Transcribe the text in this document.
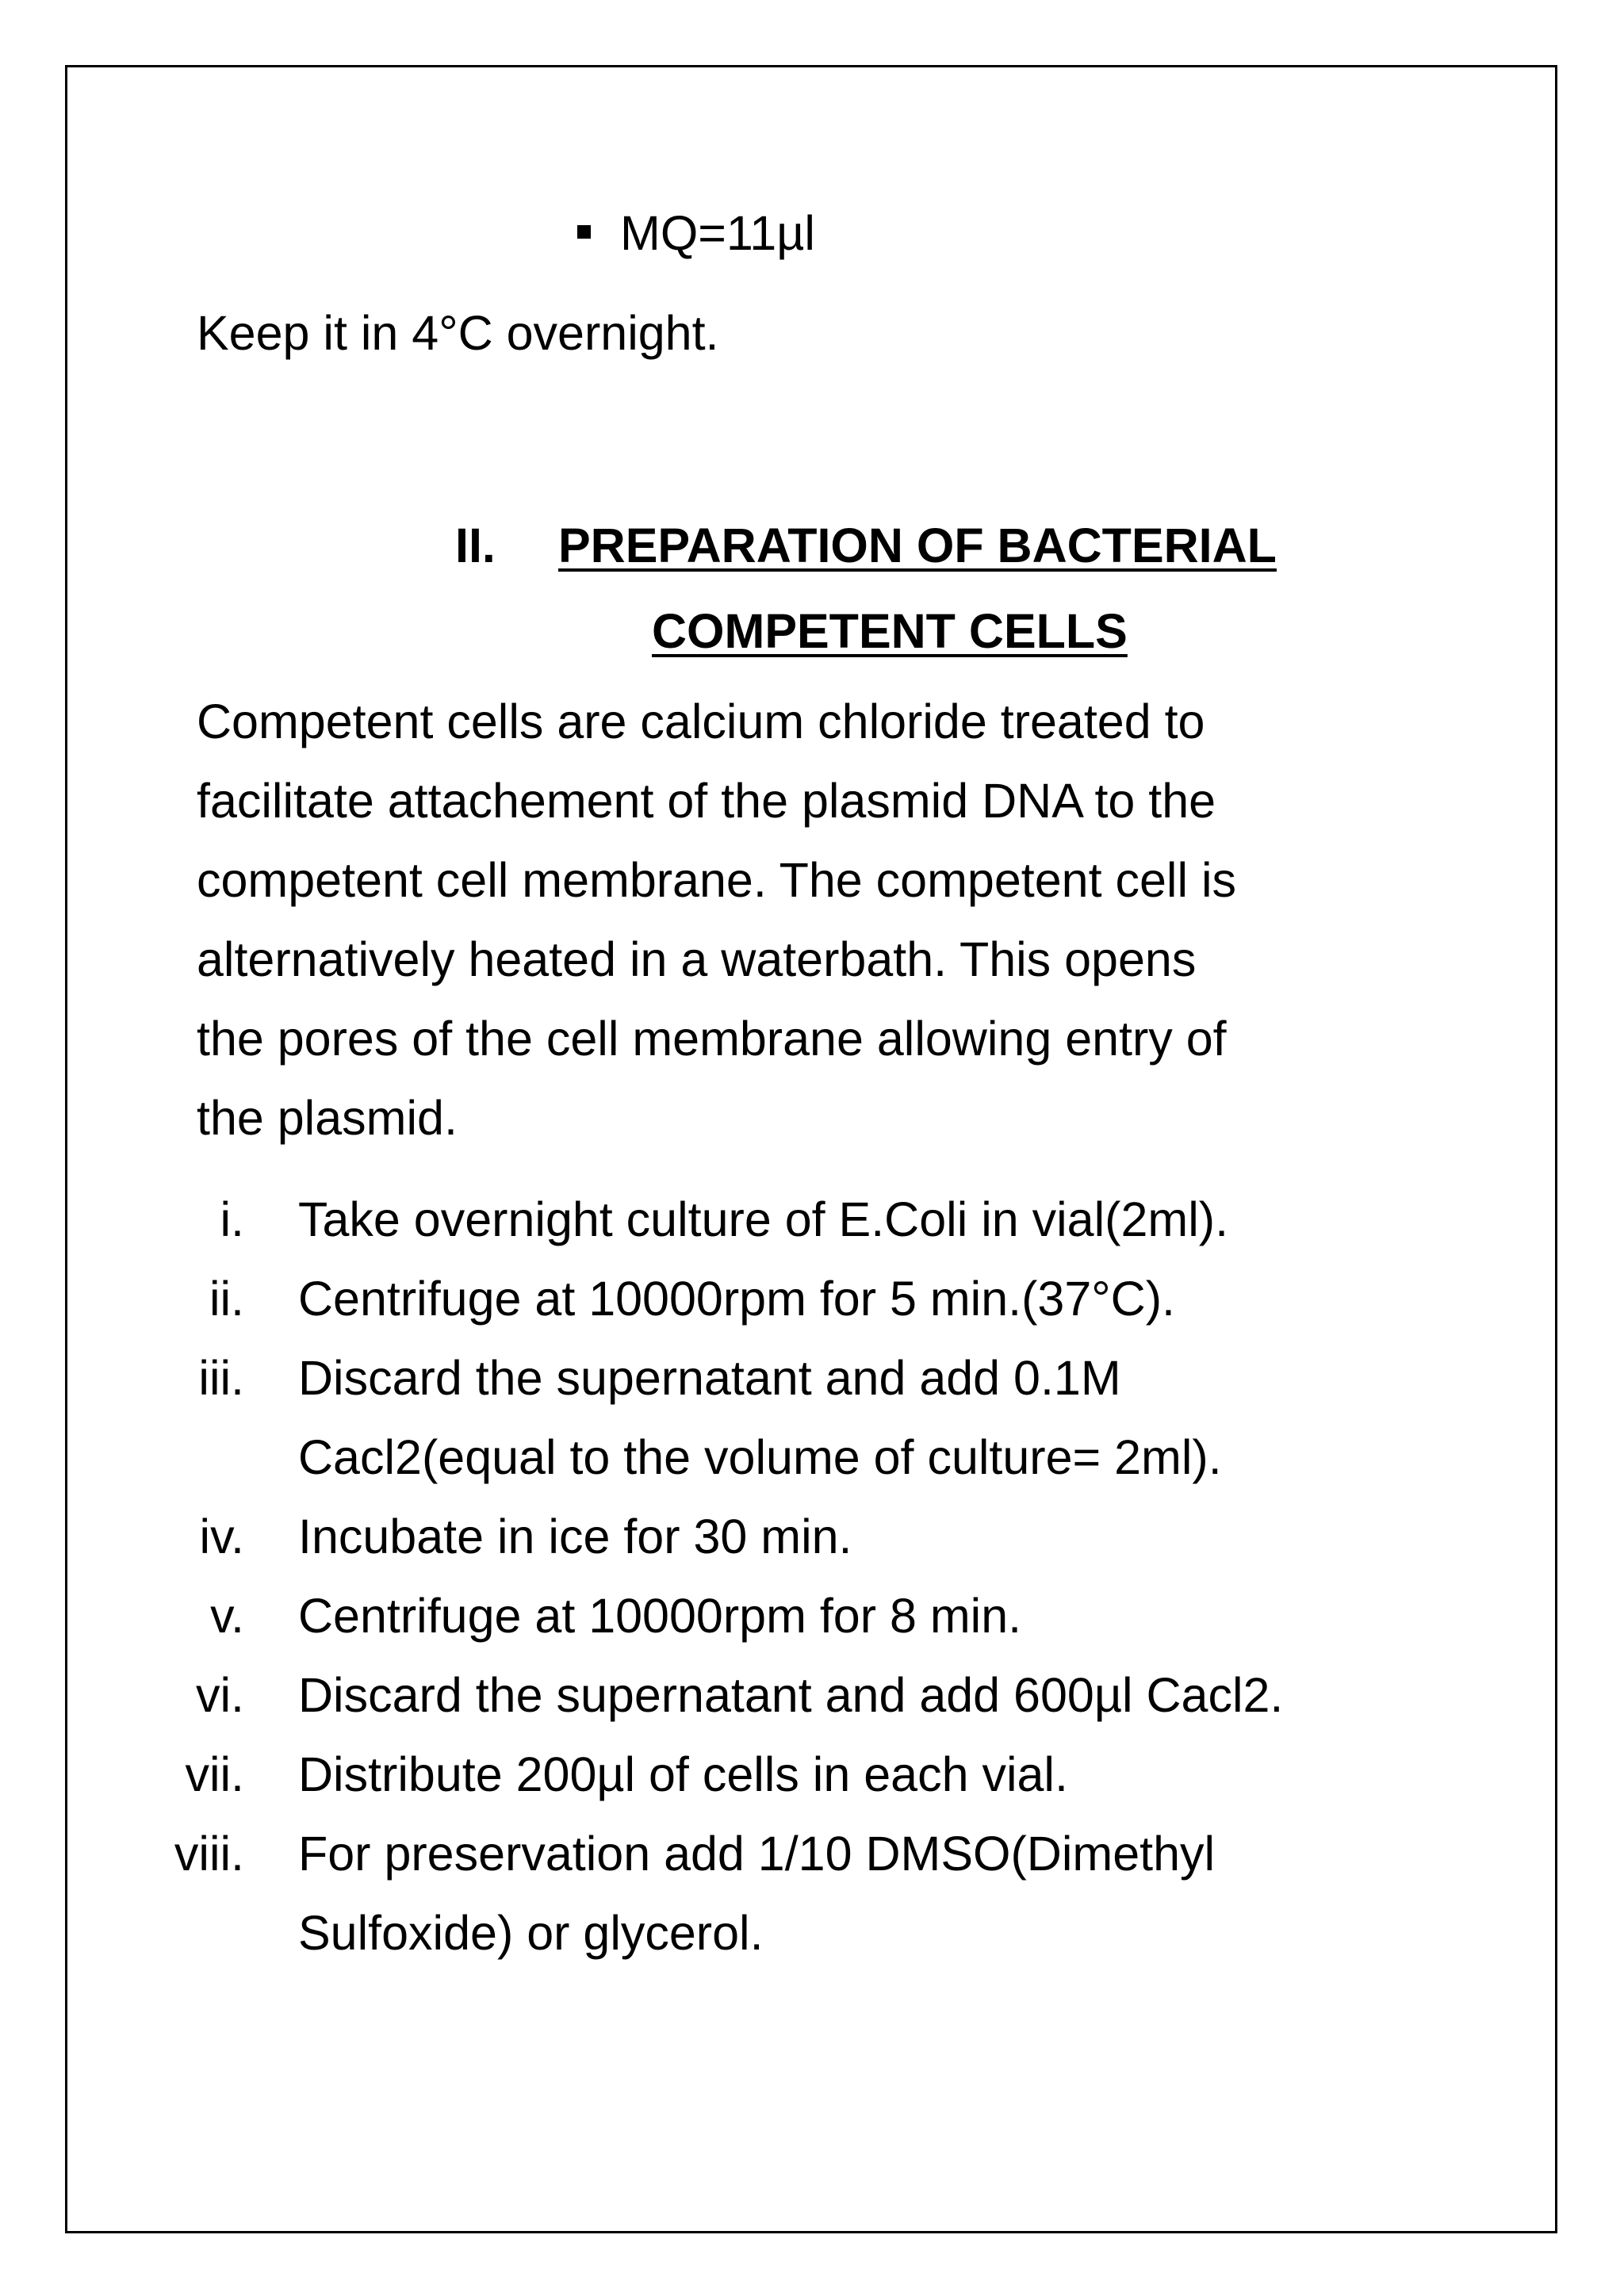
MQ=11µl
Keep it in 4°C overnight.
II. PREPARATION OF BACTERIAL
COMPETENT CELLS
Competent cells are calcium chloride treated to
facilitate attachement of the plasmid DNA to the
competent cell membrane. The competent cell is
alternatively heated in a waterbath. This opens
the pores of the cell membrane allowing entry of
the plasmid.
i. Take overnight culture of E.Coli in vial(2ml).
ii. Centrifuge at 10000rpm for 5 min.(37°C).
iii. Discard the supernatant and add 0.1M
Cacl2(equal to the volume of culture= 2ml).
iv. Incubate in ice for 30 min.
v. Centrifuge at 10000rpm for 8 min.
vi. Discard the supernatant and add 600µl Cacl2.
vii. Distribute 200µl of cells in each vial.
viii. For preservation add 1/10 DMSO(Dimethyl
Sulfoxide) or glycerol.
